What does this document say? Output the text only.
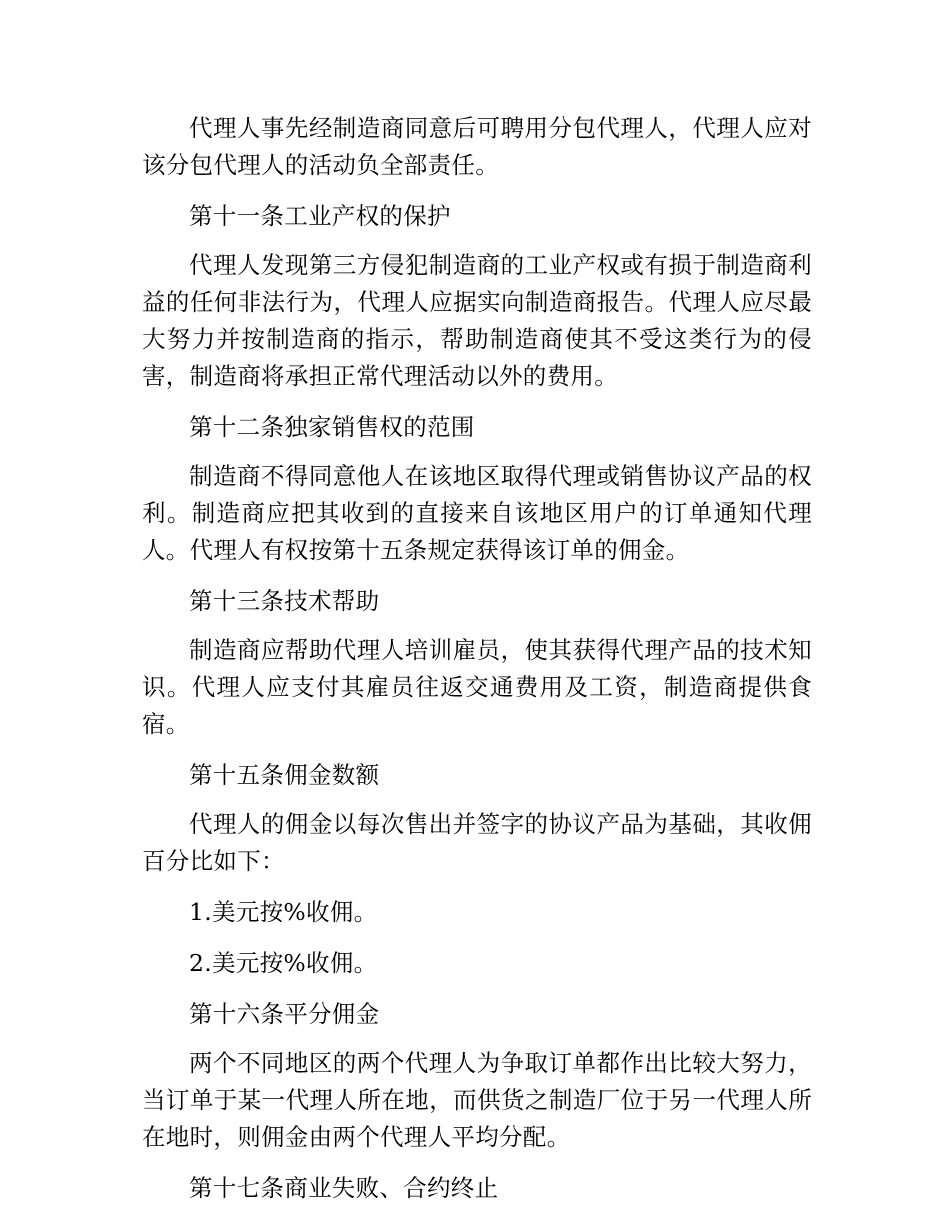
代理人事先经制造商同意后可聘用分包代理人，代理人应对该分包代理人的活动负全部责任。

第十一条工业产权的保护

代理人发现第三方侵犯制造商的工业产权或有损于制造商利益的任何非法行为，代理人应据实向制造商报告。代理人应尽最大努力并按制造商的指示，帮助制造商使其不受这类行为的侵害，制造商将承担正常代理活动以外的费用。

第十二条独家销售权的范围

制造商不得同意他人在该地区取得代理或销售协议产品的权利。制造商应把其收到的直接来自该地区用户的订单通知代理人。代理人有权按第十五条规定获得该订单的佣金。

第十三条技术帮助

制造商应帮助代理人培训雇员，使其获得代理产品的技术知识。代理人应支付其雇员往返交通费用及工资，制造商提供食宿。

第十五条佣金数额

代理人的佣金以每次售出并签字的协议产品为基础，其收佣百分比如下：

1.美元按%收佣。

2.美元按%收佣。

第十六条平分佣金

两个不同地区的两个代理人为争取订单都作出比较大努力，当订单于某一代理人所在地，而供货之制造厂位于另一代理人所在地时，则佣金由两个代理人平均分配。

第十七条商业失败、合约终止
